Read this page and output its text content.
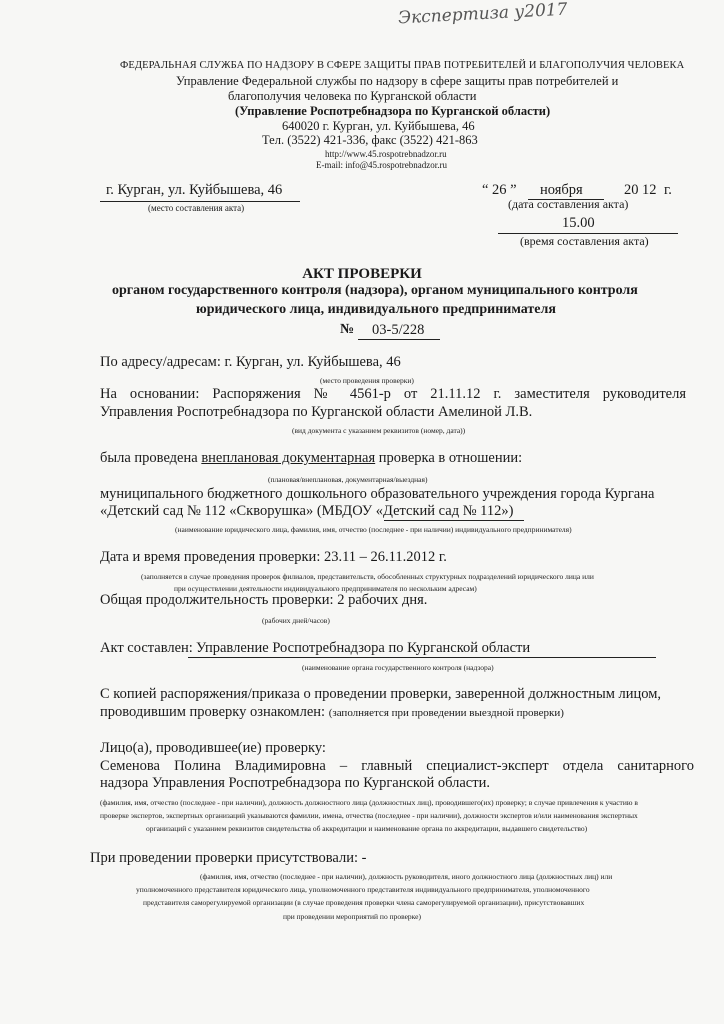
Экспертиза у2017
ФЕДЕРАЛЬНАЯ СЛУЖБА ПО НАДЗОРУ В СФЕРЕ ЗАЩИТЫ ПРАВ ПОТРЕБИТЕЛЕЙ И БЛАГОПОЛУЧИЯ ЧЕЛОВЕКА
Управление Федеральной службы по надзору в сфере защиты прав потребителей и
благополучия человека по Курганской области
(Управление Роспотребнадзора по Курганской области)
640020 г. Курган, ул. Куйбышева, 46
Тел. (3522) 421-336, факс (3522) 421-863
http://www.45.rospotrebnadzor.ru
E-mail: info@45.rospotrebnadzor.ru
г. Курган, ул. Куйбышева, 46
(место составления акта)
“ 26 ” ноября	20 12 г.
(дата составления акта)
15.00
(время составления акта)
АКТ ПРОВЕРКИ
органом государственного контроля (надзора), органом муниципального контроля
юридического лица, индивидуального предпринимателя
№ 03-5/228
По адресу/адресам: г. Курган, ул. Куйбышева, 46
(место проведения проверки)
На основании: Распоряжения № 4561-р от 21.11.12 г. заместителя руководителя
Управления Роспотребнадзора по Курганской области Амелиной Л.В.
(вид документа с указанием реквизитов (номер, дата))
была проведена внеплановая документарная проверка в отношении:
(плановая/внеплановая, документарная/выездная)
муниципального бюджетного дошкольного образовательного учреждения города Кургана
«Детский сад № 112 «Скворушка» (МБДОУ «Детский сад № 112»)
(наименование юридического лица, фамилия, имя, отчество (последнее - при наличии) индивидуального предпринимателя)
Дата и время проведения проверки: 23.11 – 26.11.2012 г.
(заполняется в случае проведения проверок филиалов, представительств, обособленных структурных подразделений юридического лица или
при осуществлении деятельности индивидуального предпринимателя по нескольким адресам)
Общая продолжительность проверки: 2 рабочих дня.
(рабочих дней/часов)
Акт составлен: Управление Роспотребнадзора по Курганской области
(наименование органа государственного контроля (надзора)
С копией распоряжения/приказа о проведении проверки, заверенной должностным лицом,
проводившим проверку ознакомлен: (заполняется при проведении выездной проверки)
Лицо(а), проводившее(ие) проверку:
Семенова Полина Владимировна – главный специалист-эксперт отдела санитарного
надзора Управления Роспотребнадзора по Курганской области.
(фамилия, имя, отчество (последнее - при наличии), должность должностного лица (должностных лиц), проводившего(их) проверку; в случае привлечения к участию в
проверке экспертов, экспертных организаций указываются фамилии, имена, отчества (последнее - при наличии), должности экспертов и/или наименования экспертных
организаций с указанием реквизитов свидетельства об аккредитации и наименование органа по аккредитации, выдавшего свидетельство)
При проведении проверки присутствовали: -
(фамилия, имя, отчество (последнее - при наличии), должность руководителя, иного должностного лица (должностных лиц) или
уполномоченного представителя юридического лица, уполномоченного представителя индивидуального предпринимателя, уполномоченного
представителя саморегулируемой организации (в случае проведения проверки члена саморегулируемой организации), присутствовавших
при проведении мероприятий по проверке)
